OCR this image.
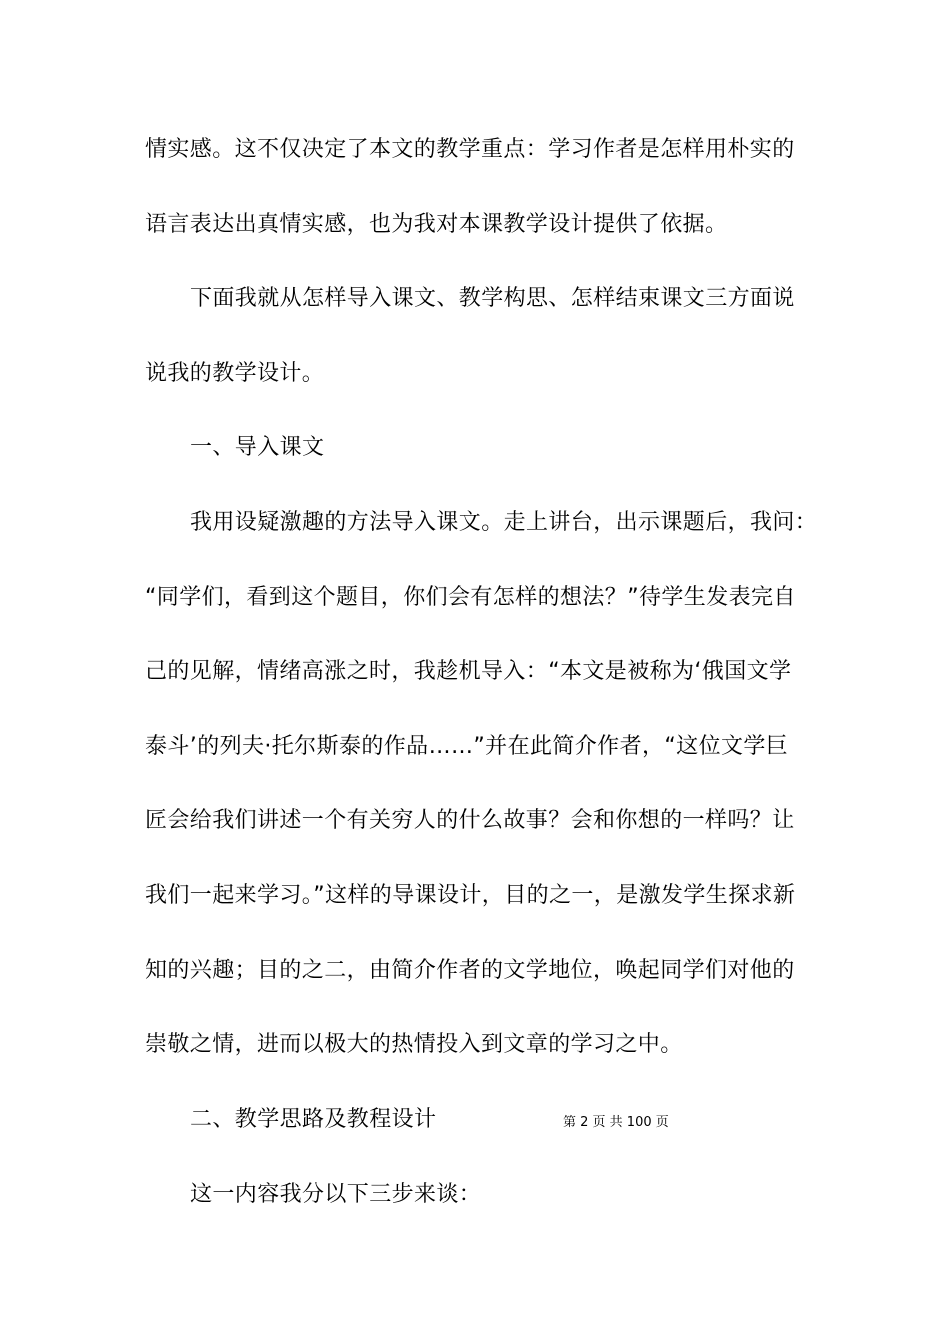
情实感。这不仅决定了本文的教学重点：学习作者是怎样用朴实的
语言表达出真情实感，也为我对本课教学设计提供了依据。
下面我就从怎样导入课文、教学构思、怎样结束课文三方面说
说我的教学设计。
一、导入课文
我用设疑激趣的方法导入课文。走上讲台，出示课题后，我问：
“同学们，看到这个题目，你们会有怎样的想法？”待学生发表完自
己的见解，情绪高涨之时，我趁机导入：“本文是被称为‘俄国文学
泰斗’的列夫·托尔斯泰的作品……”并在此简介作者，“这位文学巨
匠会给我们讲述一个有关穷人的什么故事？会和你想的一样吗？让
我们一起来学习。”这样的导课设计，目的之一，是激发学生探求新
知的兴趣；目的之二，由简介作者的文学地位，唤起同学们对他的
崇敬之情，进而以极大的热情投入到文章的学习之中。
二、教学思路及教程设计	第 2 页 共 100 页
这一内容我分以下三步来谈：
